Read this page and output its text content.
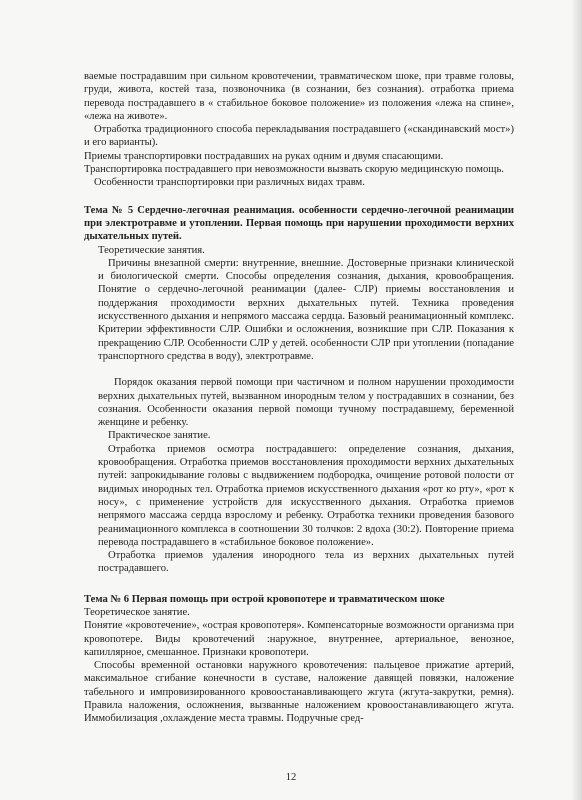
ваемые пострадавшим при сильном кровотечении, травматическом шоке, при травме головы, груди, живота, костей таза, позвоночника (в сознании, без сознания). отработка приема перевода пострадавшего в « стабильное боковое положение» из положения «лежа на спине», «лежа на животе».

Отработка традиционного способа перекладывания пострадавшего («скандинавский мост») и его варианты).

Приемы транспортировки пострадавших на руках одним и двумя спасающими.

Транспортировка пострадавшего при невозможности вызвать скорую медицинскую помощь.

Особенности транспортировки при различных видах травм.

Тема № 5 Сердечно-легочная реанимация. особенности сердечно-легочной реанимации при электротравме и утоплении. Первая помощь при нарушении проходимости верхних дыхательных путей.

Теоретические занятия.

Причины внезапной смерти: внутренние, внешние. Достоверные признаки клинической и биологической смерти. Способы определения сознания, дыхания, кровообращения. Понятие о сердечно-легочной реанимации (далее- СЛР) приемы восстановления и поддержания проходимости верхних дыхательных путей. Техника проведения искусственного дыхания и непрямого массажа сердца. Базовый реанимационный комплекс. Критерии эффективности СЛР. Ошибки и осложнения, возникшие при СЛР. Показания к прекращению СЛР. Особенности СЛР у детей. особенности СЛР при утоплении (попадание транспортного средства в воду), электротравме.

Порядок оказания первой помощи при частичном и полном нарушении проходимости верхних дыхательных путей, вызванном инородным телом у пострадавших в сознании, без сознания. Особенности оказания первой помощи тучному пострадавшему, беременной женщине и ребенку.

Практическое занятие.

Отработка приемов осмотра пострадавшего: определение сознания, дыхания, кровообращения. Отработка приемов восстановления проходимости верхних дыхательных путей: запрокидывание головы с выдвижением подбородка, очищение ротовой полости от видимых инородных тел. Отработка приемов искусственного дыхания «рот ко рту», «рот к носу», с применение устройств для искусственного дыхания. Отработка приемов непрямого массажа сердца взрослому и ребенку. Отработка техники проведения базового реанимационного комплекса в соотношении 30 толчков: 2 вдоха (30:2). Повторение приема перевода пострадавшего в «стабильное боковое положение».

Отработка приемов удаления инородного тела из верхних дыхательных путей пострадавшего.

Тема № 6 Первая помощь при острой кровопотере и травматическом шоке

Теоретическое занятие.

Понятие «кровотечение», «острая кровопотеря». Компенсаторные возможности организма при кровопотере. Виды кровотечений :наружное, внутреннее, артериальное, венозное, капиллярное, смешанное. Признаки кровопотери.

Способы временной остановки наружного кровотечения: пальцевое прижатие артерий, максимальное сгибание конечности в суставе, наложение давящей повязки, наложение табельного и импровизированного кровоостанавливающего жгута (жгута-закрутки, ремня). Правила наложения, осложнения, вызванные наложением кровоостанавливающего жгута. Иммобилизация ,охлаждение места травмы. Подручные сред-

12
